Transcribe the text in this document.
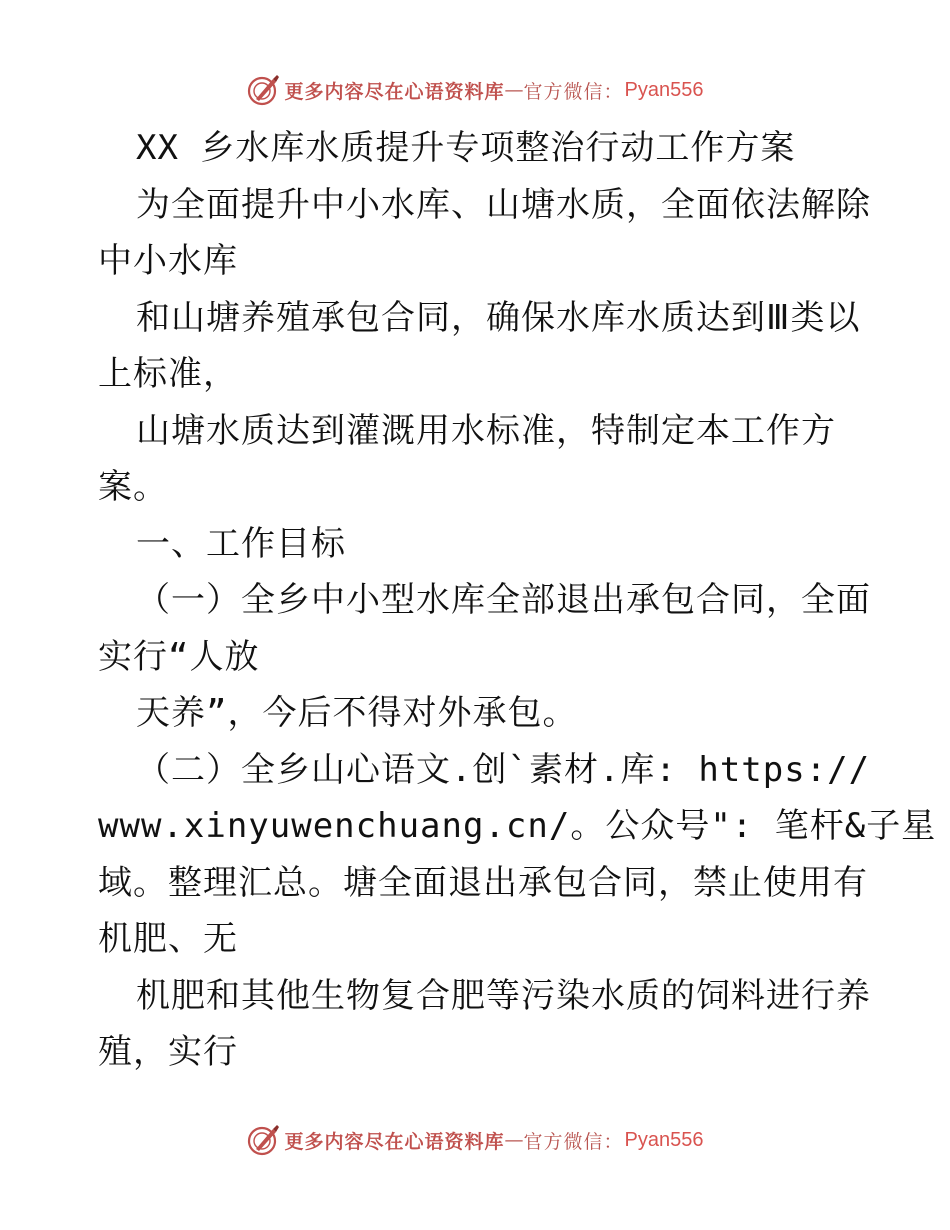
更多内容尽在心语资料库 — 官方微信 ： Pyan556
XX 乡水库水质提升专项整治行动工作方案
为全面提升中小水库、山塘水质，全面依法解除
中小水库
和山塘养殖承包合同，确保水库水质达到Ⅲ类以
上标准，
山塘水质达到灌溉用水标准，特制定本工作方
案。
一、工作目标
（一）全乡中小型水库全部退出承包合同，全面
实行“人放
天养”，今后不得对外承包。
（二）全乡山心语文.创`素材.库: https://
www.xinyuwenchuang.cn/。公众号": 笔杆&子星
域。整理汇总。塘全面退出承包合同，禁止使用有
机肥、无
机肥和其他生物复合肥等污染水质的饲料进行养
殖，实行
更多内容尽在心语资料库 — 官方微信 ： Pyan556
